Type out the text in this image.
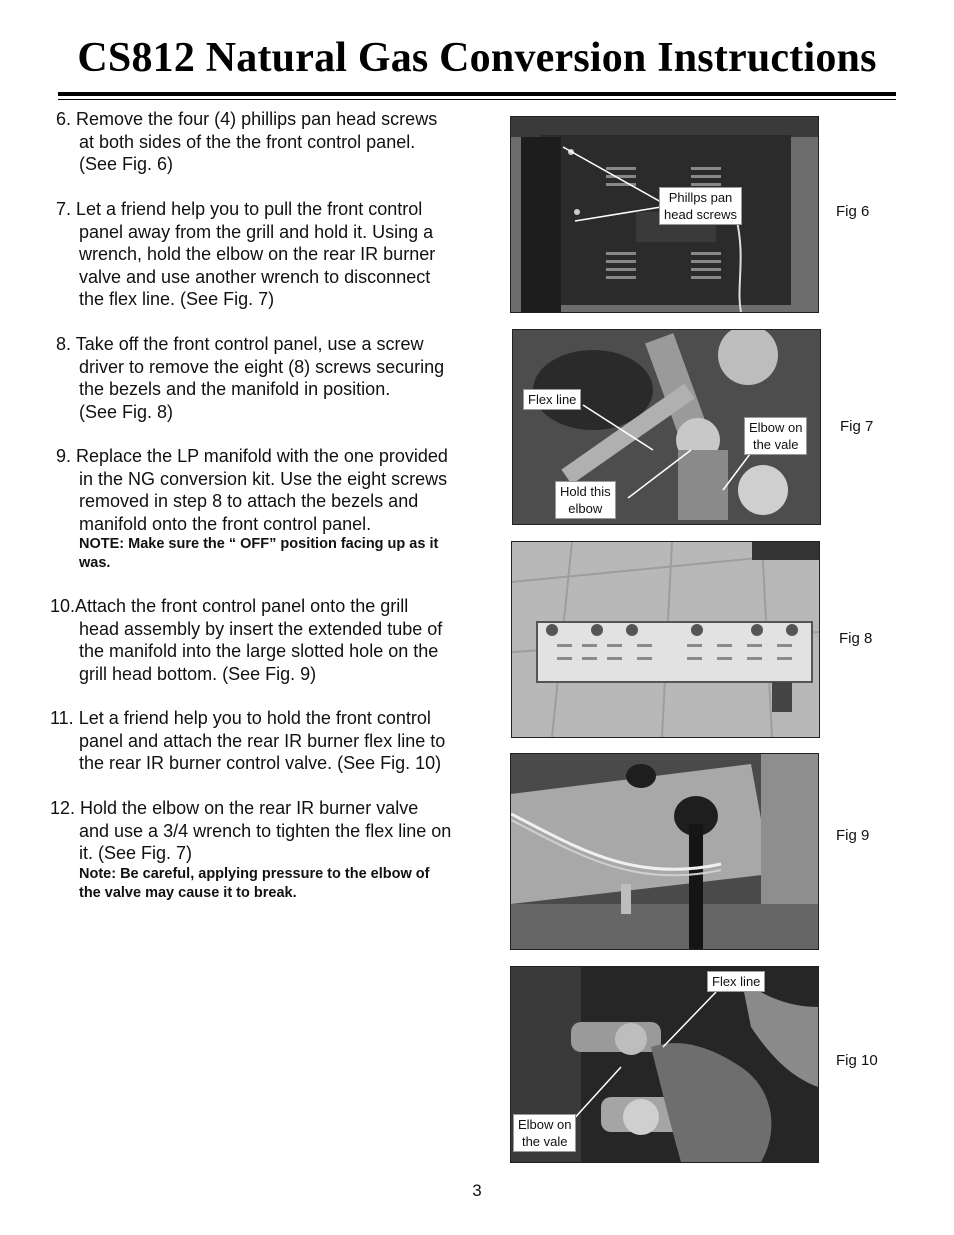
CS812 Natural Gas Conversion Instructions
6. Remove the four (4) phillips pan head screws
at both sides of the the front control panel.
(See Fig. 6)
7. Let a friend help you to pull the front control
panel away from the grill and hold it. Using a
wrench, hold the elbow on the rear IR burner
valve and use another wrench to disconnect
the flex line. (See Fig. 7)
8. Take off the front control panel, use a screw
driver to remove the eight (8) screws securing
the bezels and the manifold in position.
(See Fig. 8)
9. Replace the LP manifold with the one provided
in the NG conversion kit. Use the eight screws
removed in step 8 to attach the bezels and
manifold onto the front control panel.
NOTE: Make sure the “ OFF” position facing up as it
was.
10.Attach the front control panel onto the grill
head assembly by insert the extended tube of
the manifold into the large slotted hole on the
grill head bottom. (See Fig. 9)
11. Let a friend help you to hold the front control
panel and attach the rear IR burner flex line to
the rear IR burner control valve. (See Fig. 10)
12. Hold the elbow on the rear IR burner valve
and use a 3/4 wrench to tighten the flex line on
it. (See Fig. 7)
Note: Be careful, applying pressure to the elbow of
the valve may cause it to break.
Phillps pan
head screws	Fig 6
Flex line
Elbow on
the vale
Hold this
elbow
Fig 7
Fig 8
Fig 9
Flex line
Elbow on
the vale
Fig 10
3
